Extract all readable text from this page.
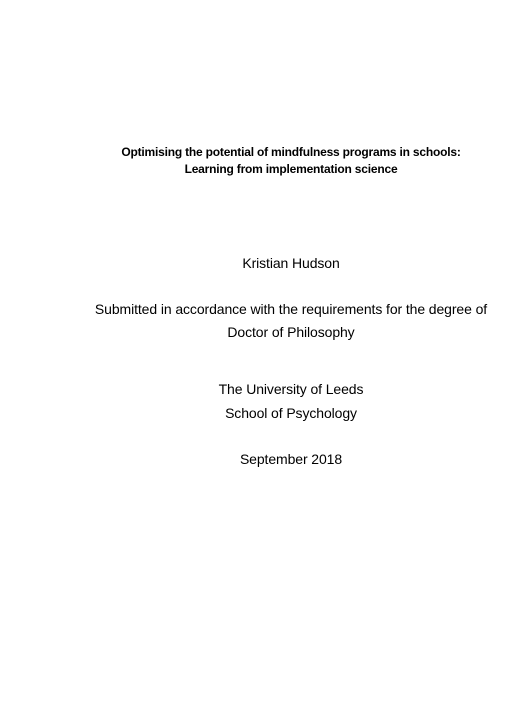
Optimising the potential of mindfulness programs in schools:
Learning from implementation science
Kristian Hudson
Submitted in accordance with the requirements for the degree of
Doctor of Philosophy
The University of Leeds
School of Psychology
September 2018
